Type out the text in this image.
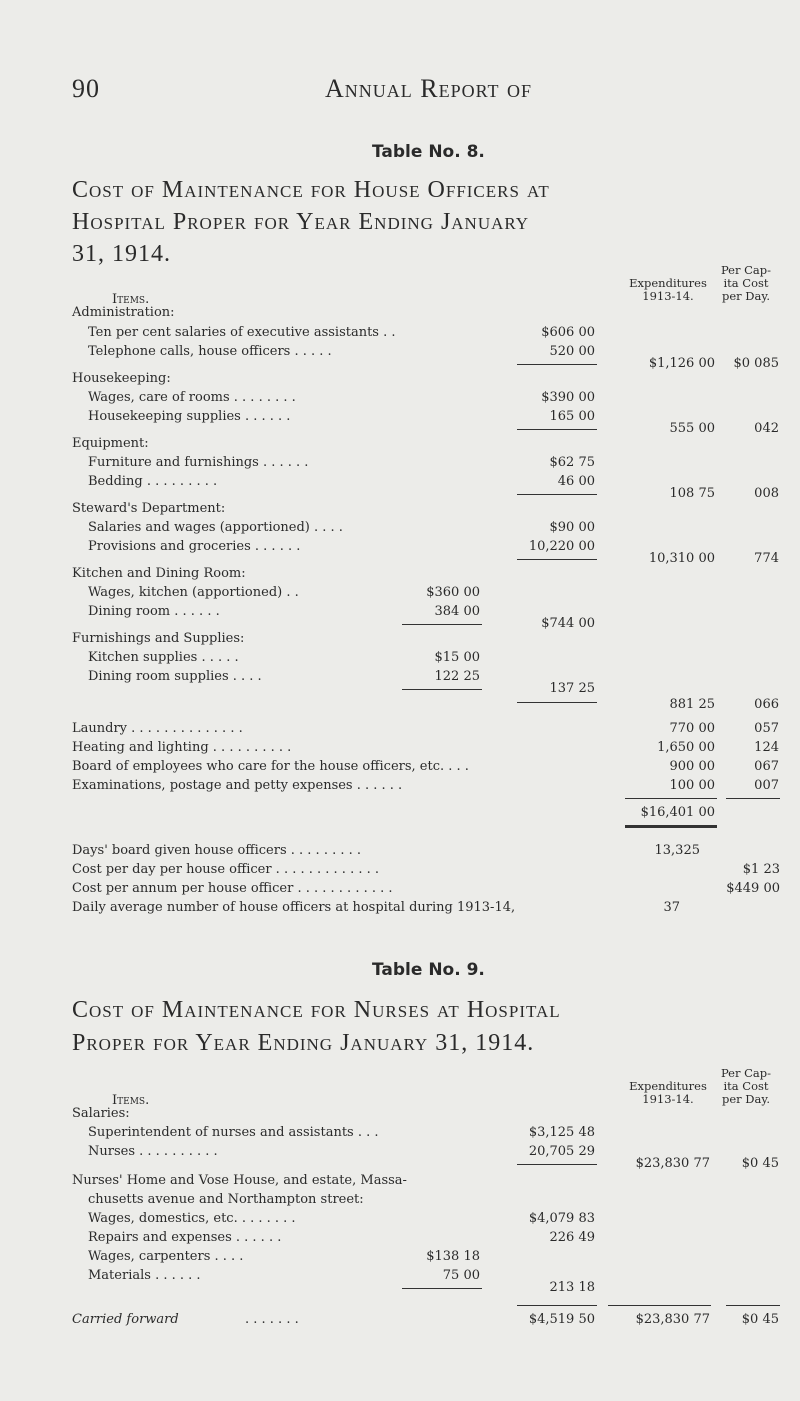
90	Annual Report of
Table No. 8.
Cost of Maintenance for House Officers at
Hospital Proper for Year Ending January
31, 1914.
Items.
Expenditures
1913-14.
Per Cap-
ita Cost
per Day.
Administration:
Ten per cent salaries of executive assistants . .	$606 00
Telephone calls, house officers . . . . .	520 00
$1,126 00	$0 085
Housekeeping:
Wages, care of rooms . . . . . . . .	$390 00
Housekeeping supplies . . . . . .	165 00
555 00	042
Equipment:
Furniture and furnishings . . . . . .	$62 75
Bedding . . . . . . . . .	46 00
108 75	008
Steward's Department:
Salaries and wages (apportioned) . . . .	$90 00
Provisions and groceries . . . . . .	10,220 00
10,310 00	774
Kitchen and Dining Room:
Wages, kitchen (apportioned) . .	$360 00
Dining room . . . . . .	384 00
$744 00
Furnishings and Supplies:
Kitchen supplies . . . . .	$15 00
Dining room supplies . . . .	122 25
137 25
881 25	066
Laundry . . . . . . . . . . . . . .	770 00	057
Heating and lighting . . . . . . . . . .	1,650 00	124
Board of employees who care for the house officers, etc. . . .	900 00	067
Examinations, postage and petty expenses . . . . . .	100 00	007
$16,401 00
Days' board given house officers . . . . . . . . .	13,325
Cost per day per house officer . . . . . . . . . . . . .	$1 23
Cost per annum per house officer . . . . . . . . . . . .	$449 00
Daily average number of house officers at hospital during 1913-14,	37
Table No. 9.
Cost of Maintenance for Nurses at Hospital
Proper for Year Ending January 31, 1914.
Items.
Expenditures
1913-14.
Per Cap-
ita Cost
per Day.
Salaries:
Superintendent of nurses and assistants . . .	$3,125 48
Nurses . . . . . . . . . .	20,705 29
$23,830 77	$0 45
Nurses' Home and Vose House, and estate, Massa-
chusetts avenue and Northampton street:
Wages, domestics, etc. . . . . . . .	$4,079 83
Repairs and expenses . . . . . .	226 49
Wages, carpenters . . . .	$138 18
Materials . . . . . .	75 00
213 18
Carried forward	. . . . . . .	$4,519 50	$23,830 77	$0 45
